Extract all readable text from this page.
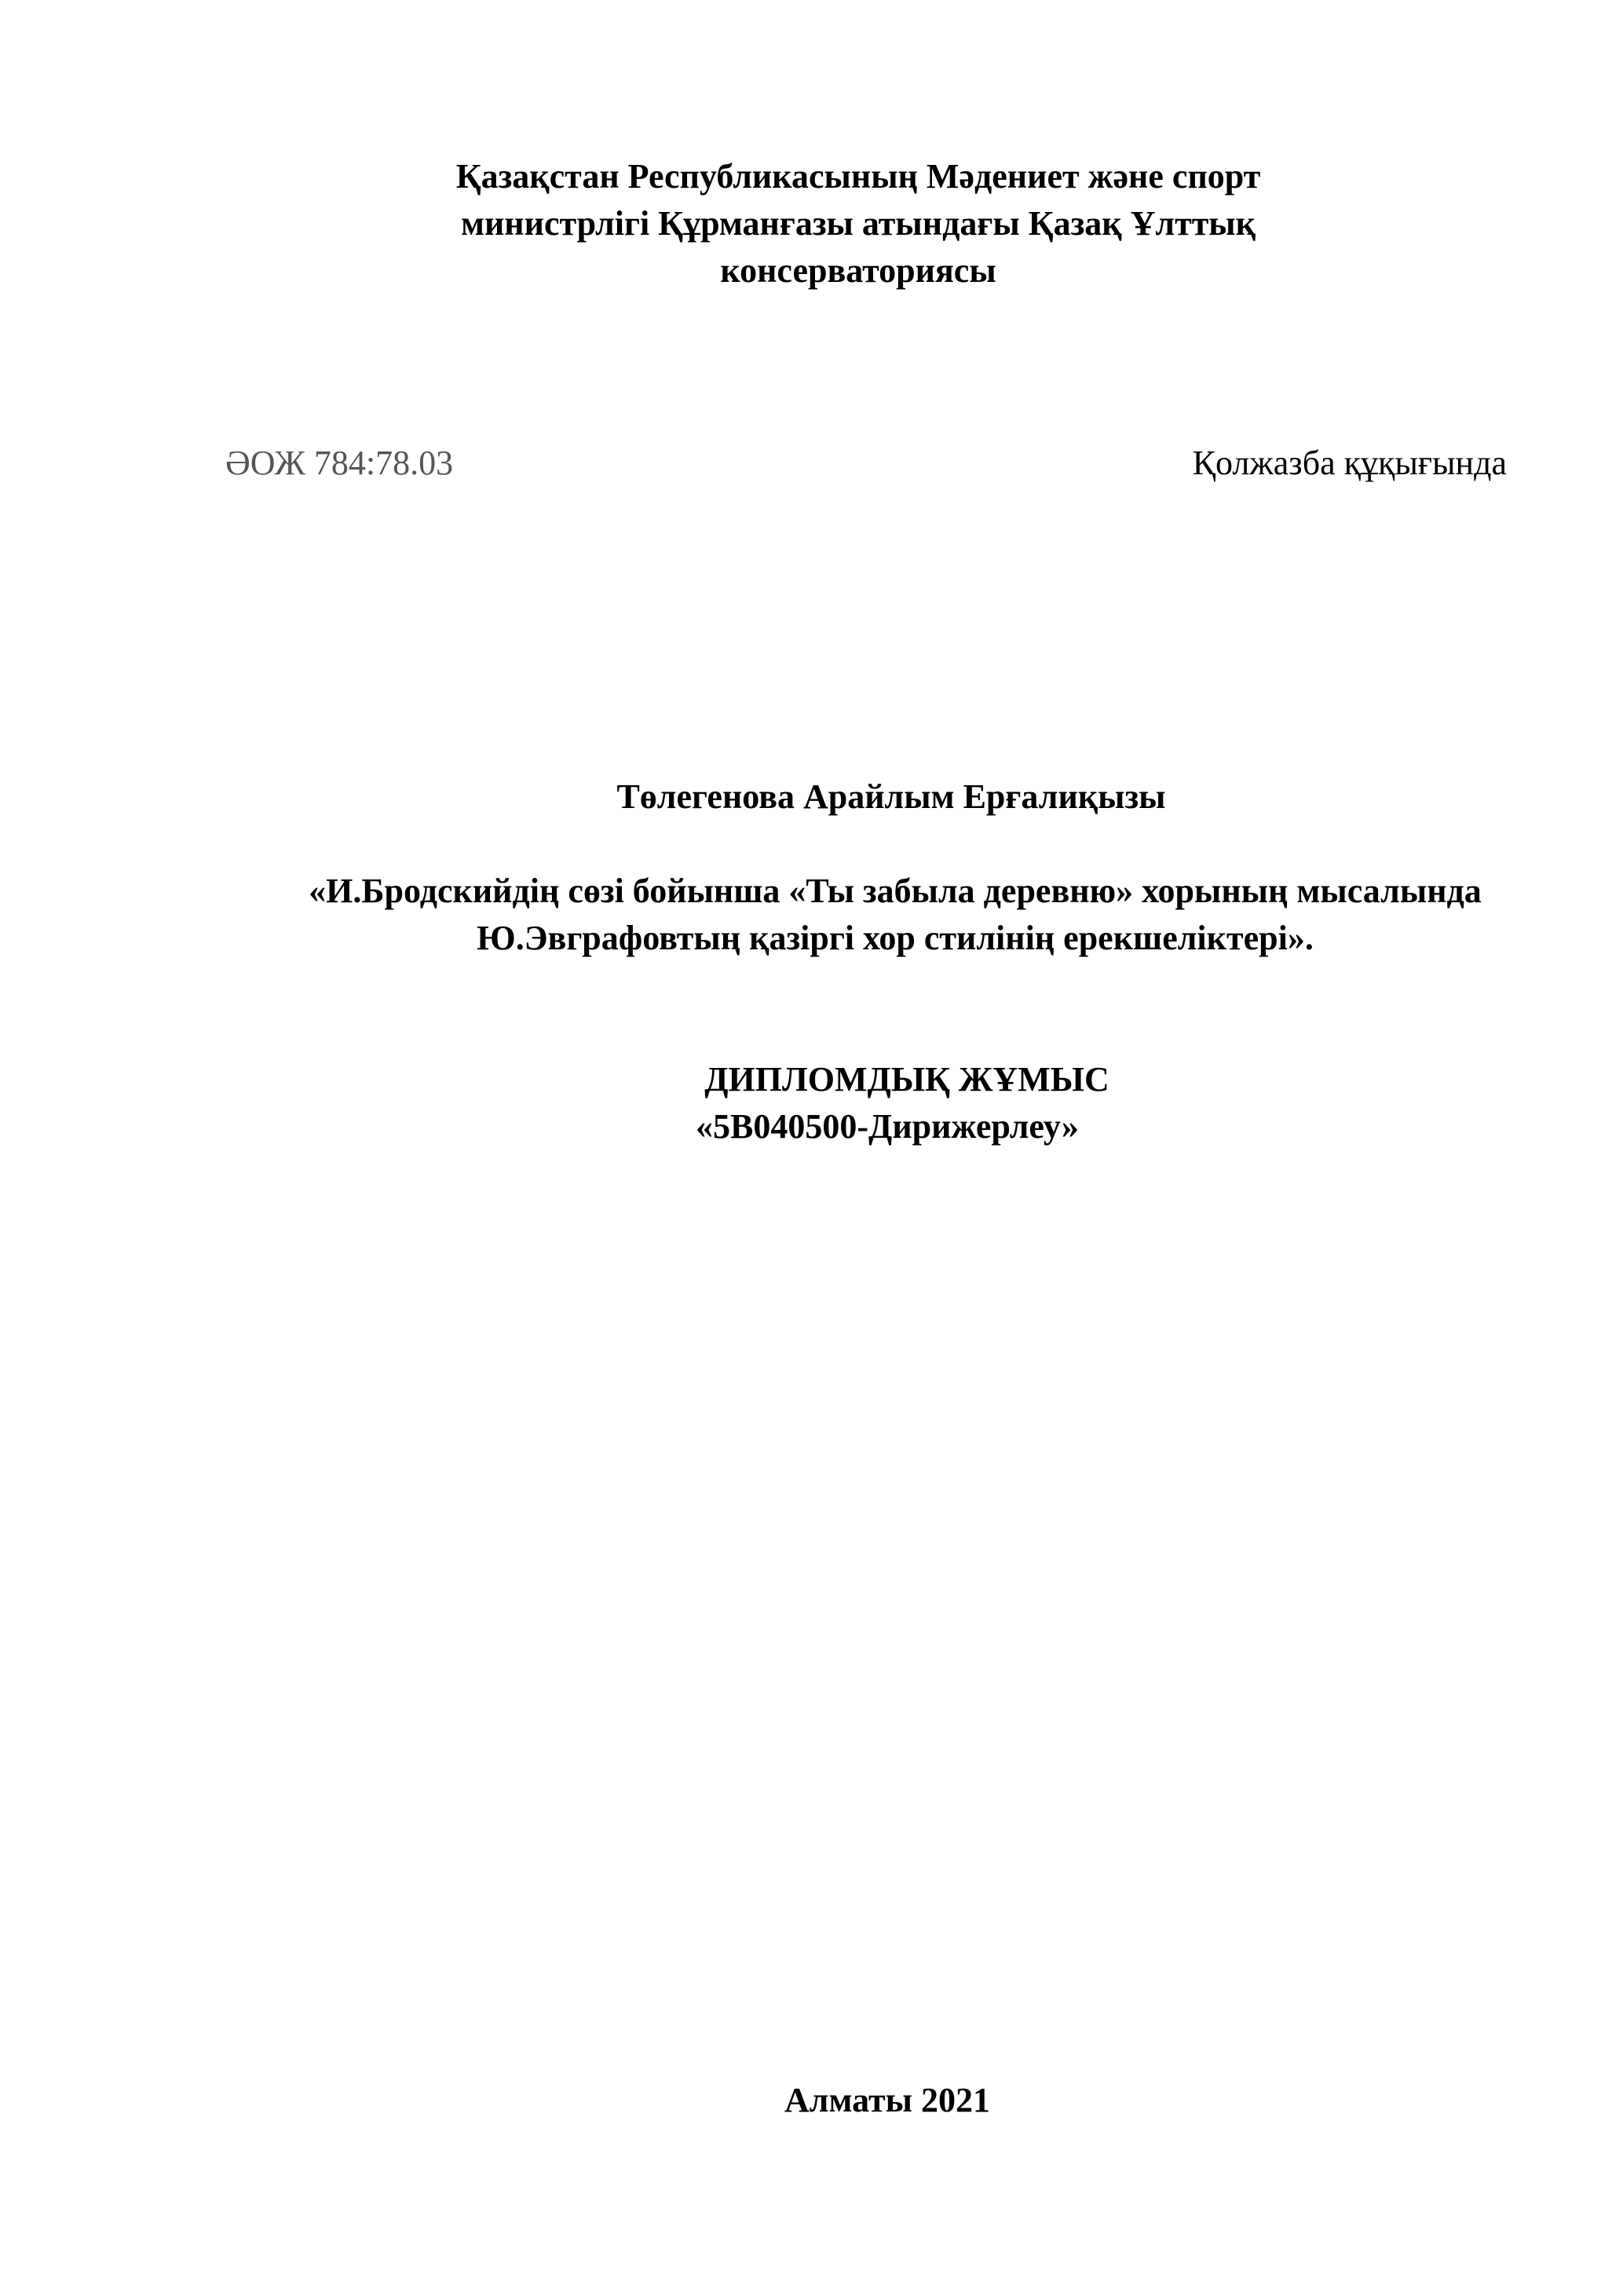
Қазақстан Республикасының Мәдениет және спорт
министрлігі Құрманғазы атындағы Қазақ Ұлттық
консерваториясы
ӘОЖ 784:78.03	Қолжазба құқығында
Төлегенова Арайлым Ерғалиқызы
«И.Бродскийдің сөзі бойынша «Ты забыла деревню» хорының мысалында
Ю.Эвграфовтың қазіргі хор стилінің ерекшеліктері».
ДИПЛОМДЫҚ ЖҰМЫС
«5В040500-Дирижерлеу»
Алматы 2021
